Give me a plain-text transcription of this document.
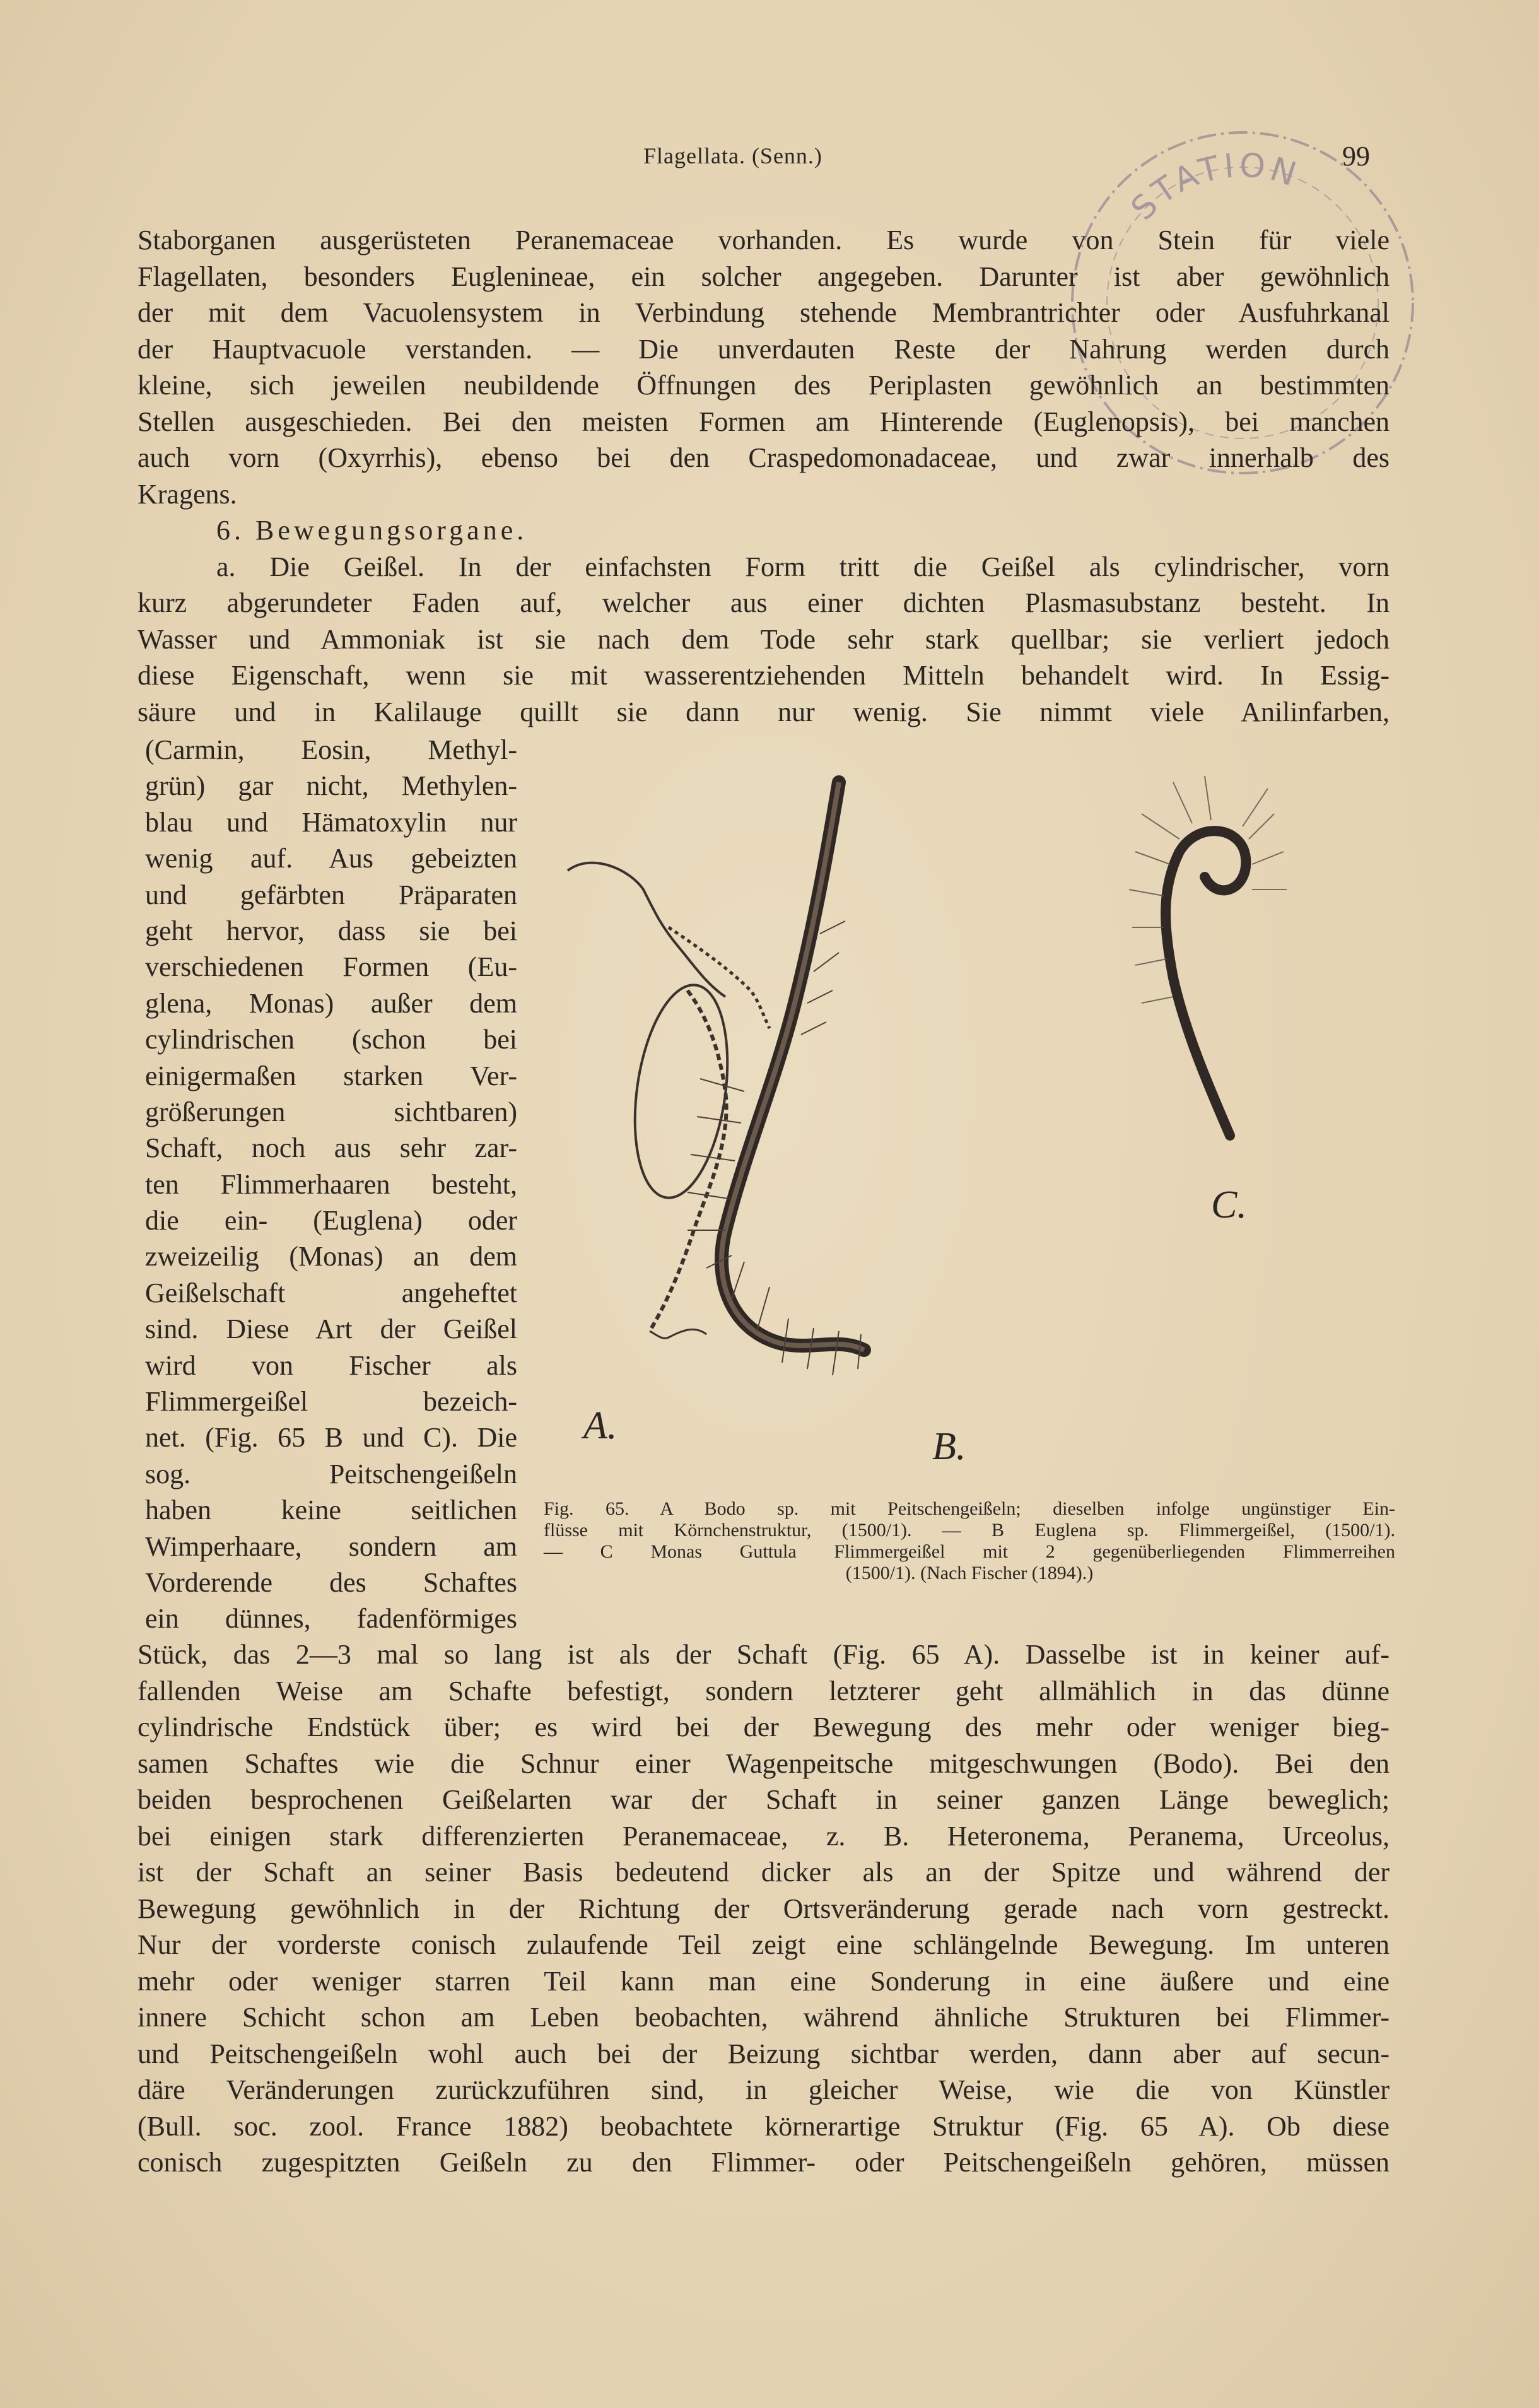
Flagellata. (Senn.)	99
STATION
Staborganen ausgerüsteten Peranemaceae vorhanden. Es wurde von Stein für viele
Flagellaten, besonders Euglenineae, ein solcher angegeben. Darunter ist aber gewöhnlich
der mit dem Vacuolensystem in Verbindung stehende Membrantrichter oder Ausfuhrkanal
der Hauptvacuole verstanden. — Die unverdauten Reste der Nahrung werden durch
kleine, sich jeweilen neubildende Öffnungen des Periplasten gewöhnlich an bestimmten
Stellen ausgeschieden. Bei den meisten Formen am Hinterende (Euglenopsis), bei manchen
auch vorn (Oxyrrhis), ebenso bei den Craspedomonadaceae, und zwar innerhalb des
Kragens.
6. Bewegungsorgane.
a. Die Geißel. In der einfachsten Form tritt die Geißel als cylindrischer, vorn
kurz abgerundeter Faden auf, welcher aus einer dichten Plasmasubstanz besteht. In
Wasser und Ammoniak ist sie nach dem Tode sehr stark quellbar; sie verliert jedoch
diese Eigenschaft, wenn sie mit wasserentziehenden Mitteln behandelt wird. In Essig-
säure und in Kalilauge quillt sie dann nur wenig. Sie nimmt viele Anilinfarben,
(Carmin, Eosin, Methyl-
grün) gar nicht, Methylen-
blau und Hämatoxylin nur
wenig auf. Aus gebeizten
und gefärbten Präparaten
geht hervor, dass sie bei
verschiedenen Formen (Eu-
glena, Monas) außer dem
cylindrischen (schon bei
einigermaßen starken Ver-
größerungen sichtbaren)
Schaft, noch aus sehr zar-
ten Flimmerhaaren besteht,
die ein- (Euglena) oder
zweizeilig (Monas) an dem
Geißelschaft angeheftet
sind. Diese Art der Geißel
wird von Fischer als
Flimmergeißel bezeich-
net. (Fig. 65 B und C). Die
sog. Peitschengeißeln
haben keine seitlichen
Wimperhaare, sondern am
Vorderende des Schaftes
ein dünnes, fadenförmiges
A.	B.
C.
Fig. 65. A Bodo sp. mit Peitschengeißeln; dieselben infolge ungünstiger Ein-
flüsse mit Körnchenstruktur, (1500/1). — B Euglena sp. Flimmergeißel, (1500/1).
— C Monas Guttula Flimmergeißel mit 2 gegenüberliegenden Flimmerreihen
(1500/1). (Nach Fischer (1894).)
Stück, das 2—3 mal so lang ist als der Schaft (Fig. 65 A). Dasselbe ist in keiner auf-
fallenden Weise am Schafte befestigt, sondern letzterer geht allmählich in das dünne
cylindrische Endstück über; es wird bei der Bewegung des mehr oder weniger bieg-
samen Schaftes wie die Schnur einer Wagenpeitsche mitgeschwungen (Bodo). Bei den
beiden besprochenen Geißelarten war der Schaft in seiner ganzen Länge beweglich;
bei einigen stark differenzierten Peranemaceae, z. B. Heteronema, Peranema, Urceolus,
ist der Schaft an seiner Basis bedeutend dicker als an der Spitze und während der
Bewegung gewöhnlich in der Richtung der Ortsveränderung gerade nach vorn gestreckt.
Nur der vorderste conisch zulaufende Teil zeigt eine schlängelnde Bewegung. Im unteren
mehr oder weniger starren Teil kann man eine Sonderung in eine äußere und eine
innere Schicht schon am Leben beobachten, während ähnliche Strukturen bei Flimmer-
und Peitschengeißeln wohl auch bei der Beizung sichtbar werden, dann aber auf secun-
däre Veränderungen zurückzuführen sind, in gleicher Weise, wie die von Künstler
(Bull. soc. zool. France 1882) beobachtete körnerartige Struktur (Fig. 65 A). Ob diese
conisch zugespitzten Geißeln zu den Flimmer- oder Peitschengeißeln gehören, müssen
